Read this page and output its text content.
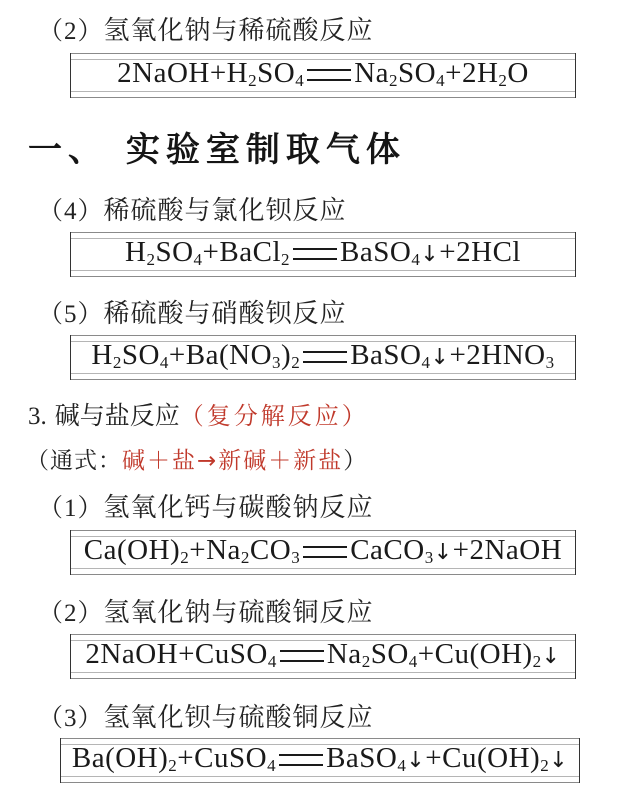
（2）氢氧化钠与稀硫酸反应
$2NaOH+H_2SO_4$ $Na_2SO_4+2H_2O$
一、 实验室制取气体
（4）稀硫酸与氯化钡反应
$H_2SO_4+BaCl_2$ BaSO$_4$↓+2HCl
（5）稀硫酸与硝酸钡反应
$H_2SO_4+Ba(NO_3)_2$ $BaSO_4↓+2HNO_3$
3. 碱与盐反应（复分解反应）
（通式：碱＋盐→新碱＋新盐）
（1）氢氧化钙与碳酸钠反应
$Ca(OH)_2+Na_2CO_3$ CaCO$_3$↓+2NaOH
（2）氢氧化钠与硫酸铜反应
2NaOH+CuSO$_4$ $Na_2SO_4+Cu(OH)_2↓$
（3）氢氧化钡与硫酸铜反应
$Ba(OH)_2+CuSO_4$ $BaSO_4↓+Cu(OH)_2↓$
